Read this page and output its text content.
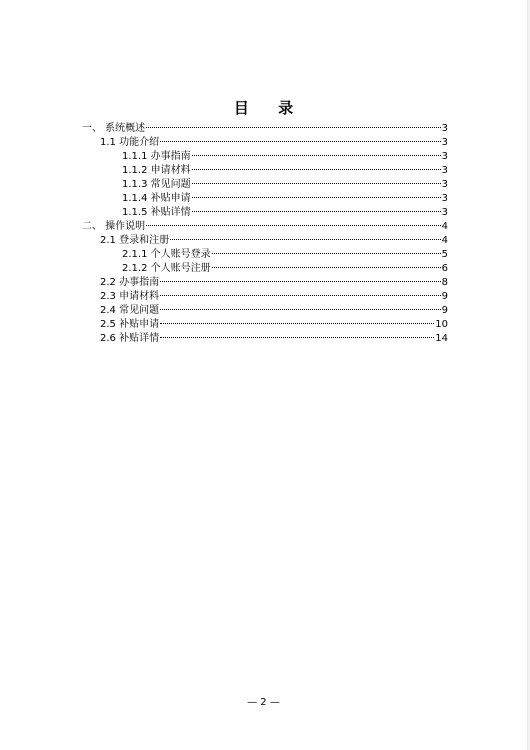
目 录
一、 系统概述	3
1.1 功能介绍	3
1.1.1 办事指南	3
1.1.2 申请材料	3
1.1.3 常见问题	3
1.1.4 补贴申请	3
1.1.5 补贴详情	3
二、 操作说明	4
2.1 登录和注册	4
2.1.1 个人账号登录	5
2.1.2 个人账号注册	6
2.2 办事指南	8
2.3 申请材料	9
2.4 常见问题	9
2.5 补贴申请	10
2.6 补贴详情	14
— 2 —
